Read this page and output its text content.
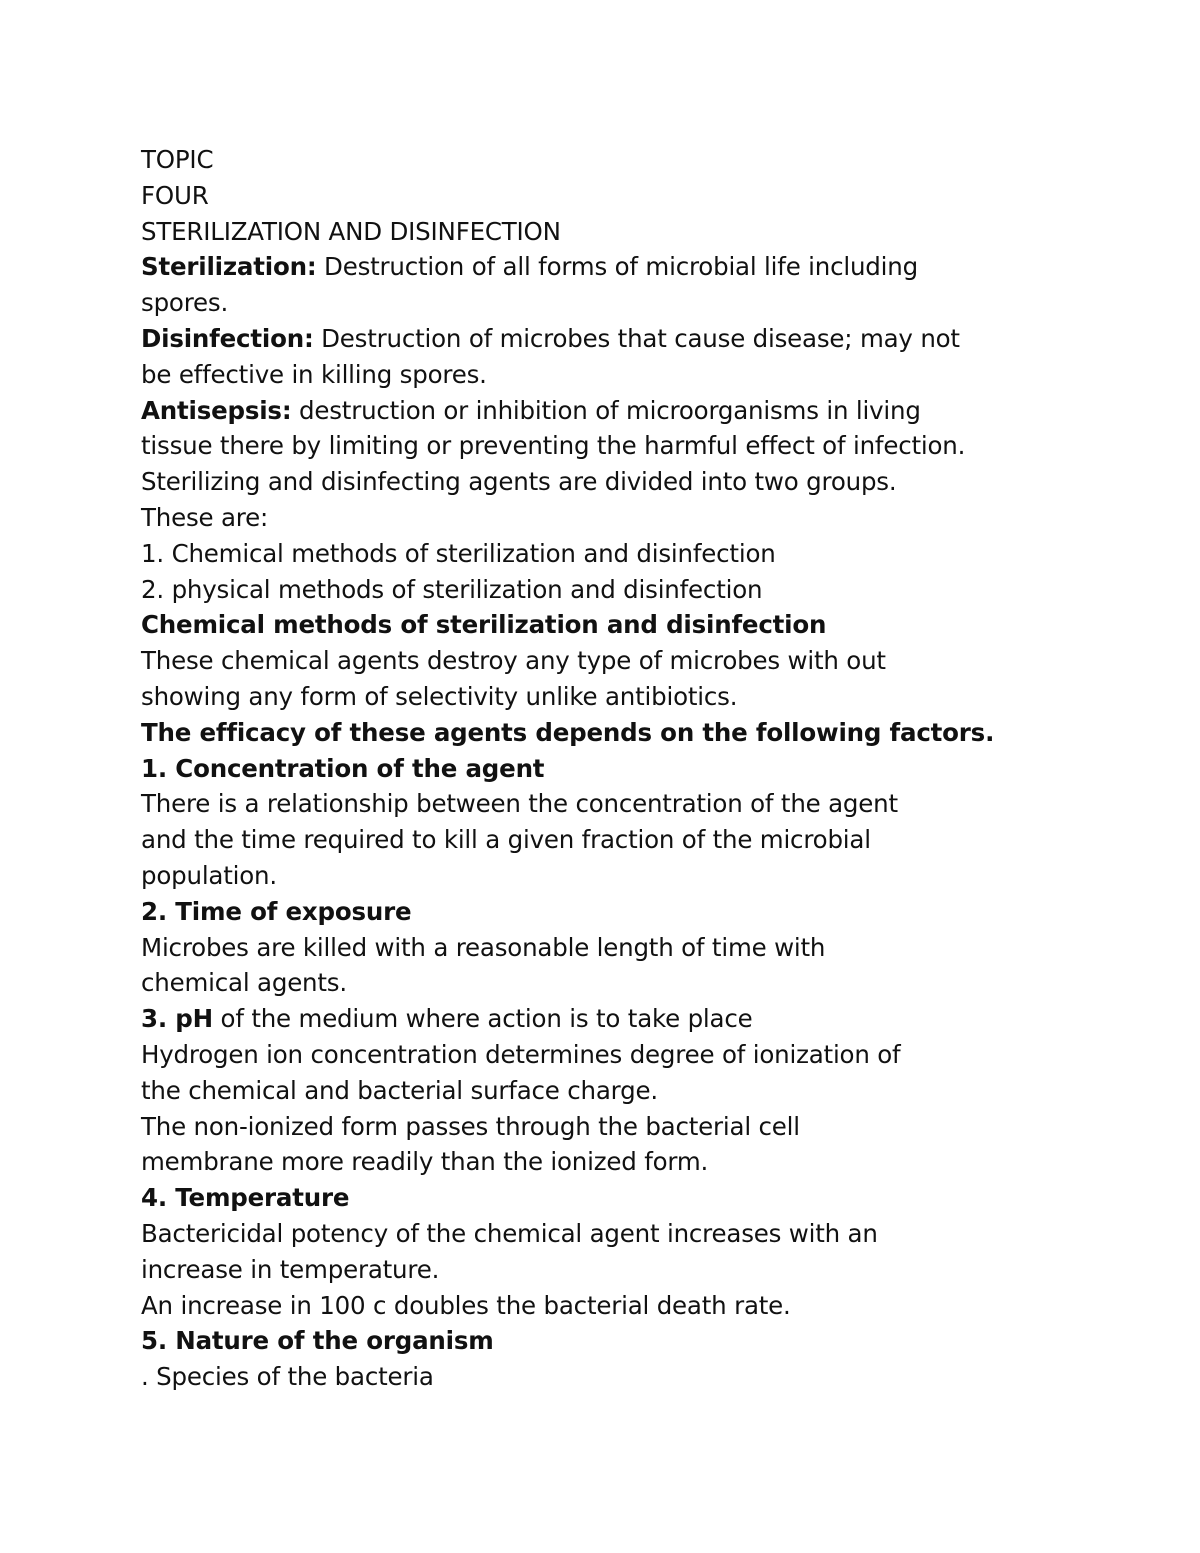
TOPIC
FOUR
STERILIZATION AND DISINFECTION
Sterilization: Destruction of all forms of microbial life including
spores.
Disinfection: Destruction of microbes that cause disease; may not
be effective in killing spores.
Antisepsis: destruction or inhibition of microorganisms in living
tissue there by limiting or preventing the harmful effect of infection.
Sterilizing and disinfecting agents are divided into two groups.
These are:
1. Chemical methods of sterilization and disinfection
2. physical methods of sterilization and disinfection
Chemical methods of sterilization and disinfection
These chemical agents destroy any type of microbes with out
showing any form of selectivity unlike antibiotics.
The efficacy of these agents depends on the following factors.
1. Concentration of the agent
There is a relationship between the concentration of the agent
and the time required to kill a given fraction of the microbial
population.
2. Time of exposure
Microbes are killed with a reasonable length of time with
chemical agents.
3. pH of the medium where action is to take place
Hydrogen ion concentration determines degree of ionization of
the chemical and bacterial surface charge.
The non-ionized form passes through the bacterial cell
membrane more readily than the ionized form.
4. Temperature
Bactericidal potency of the chemical agent increases with an
increase in temperature.
An increase in 100 c doubles the bacterial death rate.
5. Nature of the organism
. Species of the bacteria
